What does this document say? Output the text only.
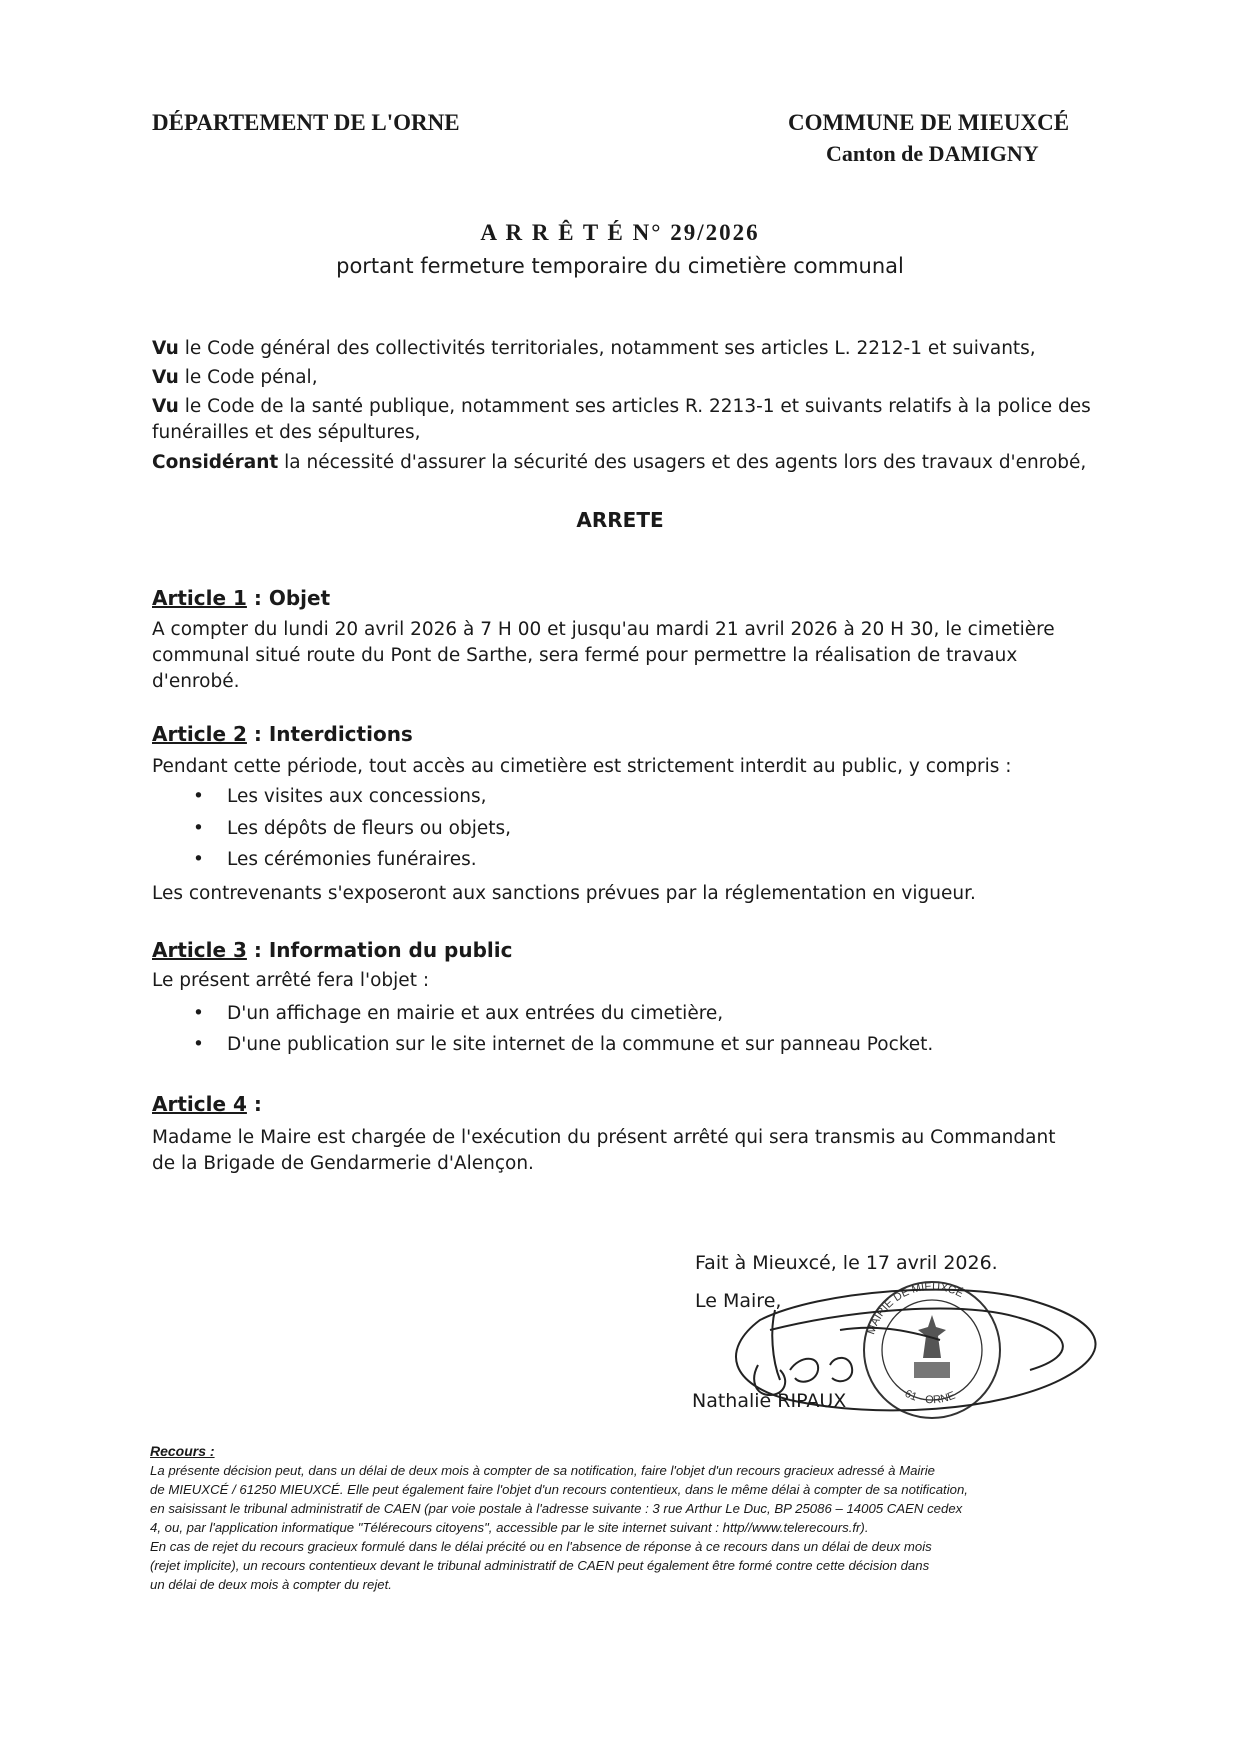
DÉPARTEMENT DE L'ORNE	COMMUNE DE MIEUXCÉ
Canton de DAMIGNY
A R R Ê T É N° 29/2026
portant fermeture temporaire du cimetière communal
Vu le Code général des collectivités territoriales, notamment ses articles L. 2212-1 et suivants,
Vu le Code pénal,
Vu le Code de la santé publique, notamment ses articles R. 2213-1 et suivants relatifs à la police des
funérailles et des sépultures,
Considérant la nécessité d'assurer la sécurité des usagers et des agents lors des travaux d'enrobé,
ARRETE
Article 1 : Objet
A compter du lundi 20 avril 2026 à 7 H 00 et jusqu'au mardi 21 avril 2026 à 20 H 30, le cimetière
communal situé route du Pont de Sarthe, sera fermé pour permettre la réalisation de travaux
d'enrobé.
Article 2 : Interdictions
Pendant cette période, tout accès au cimetière est strictement interdit au public, y compris :
• Les visites aux concessions,
• Les dépôts de fleurs ou objets,
• Les cérémonies funéraires.
Les contrevenants s'exposeront aux sanctions prévues par la réglementation en vigueur.
Article 3 : Information du public
Le présent arrêté fera l'objet :
• D'un affichage en mairie et aux entrées du cimetière,
• D'une publication sur le site internet de la commune et sur panneau Pocket.
Article 4 :
Madame le Maire est chargée de l'exécution du présent arrêté qui sera transmis au Commandant
de la Brigade de Gendarmerie d'Alençon.
Fait à Mieuxcé, le 17 avril 2026.
Le Maire,
MAIRIE DE MIEUXCÉ
61 - ORNE
Nathalie RIPAUX
Recours :
La présente décision peut, dans un délai de deux mois à compter de sa notification, faire l'objet d'un recours gracieux adressé à Mairie
de MIEUXCÉ / 61250 MIEUXCÉ. Elle peut également faire l'objet d'un recours contentieux, dans le même délai à compter de sa notification,
en saisissant le tribunal administratif de CAEN (par voie postale à l'adresse suivante : 3 rue Arthur Le Duc, BP 25086 – 14005 CAEN cedex
4, ou, par l'application informatique "Télérecours citoyens", accessible par le site internet suivant : http//www.telerecours.fr).
En cas de rejet du recours gracieux formulé dans le délai précité ou en l'absence de réponse à ce recours dans un délai de deux mois
(rejet implicite), un recours contentieux devant le tribunal administratif de CAEN peut également être formé contre cette décision dans
un délai de deux mois à compter du rejet.
